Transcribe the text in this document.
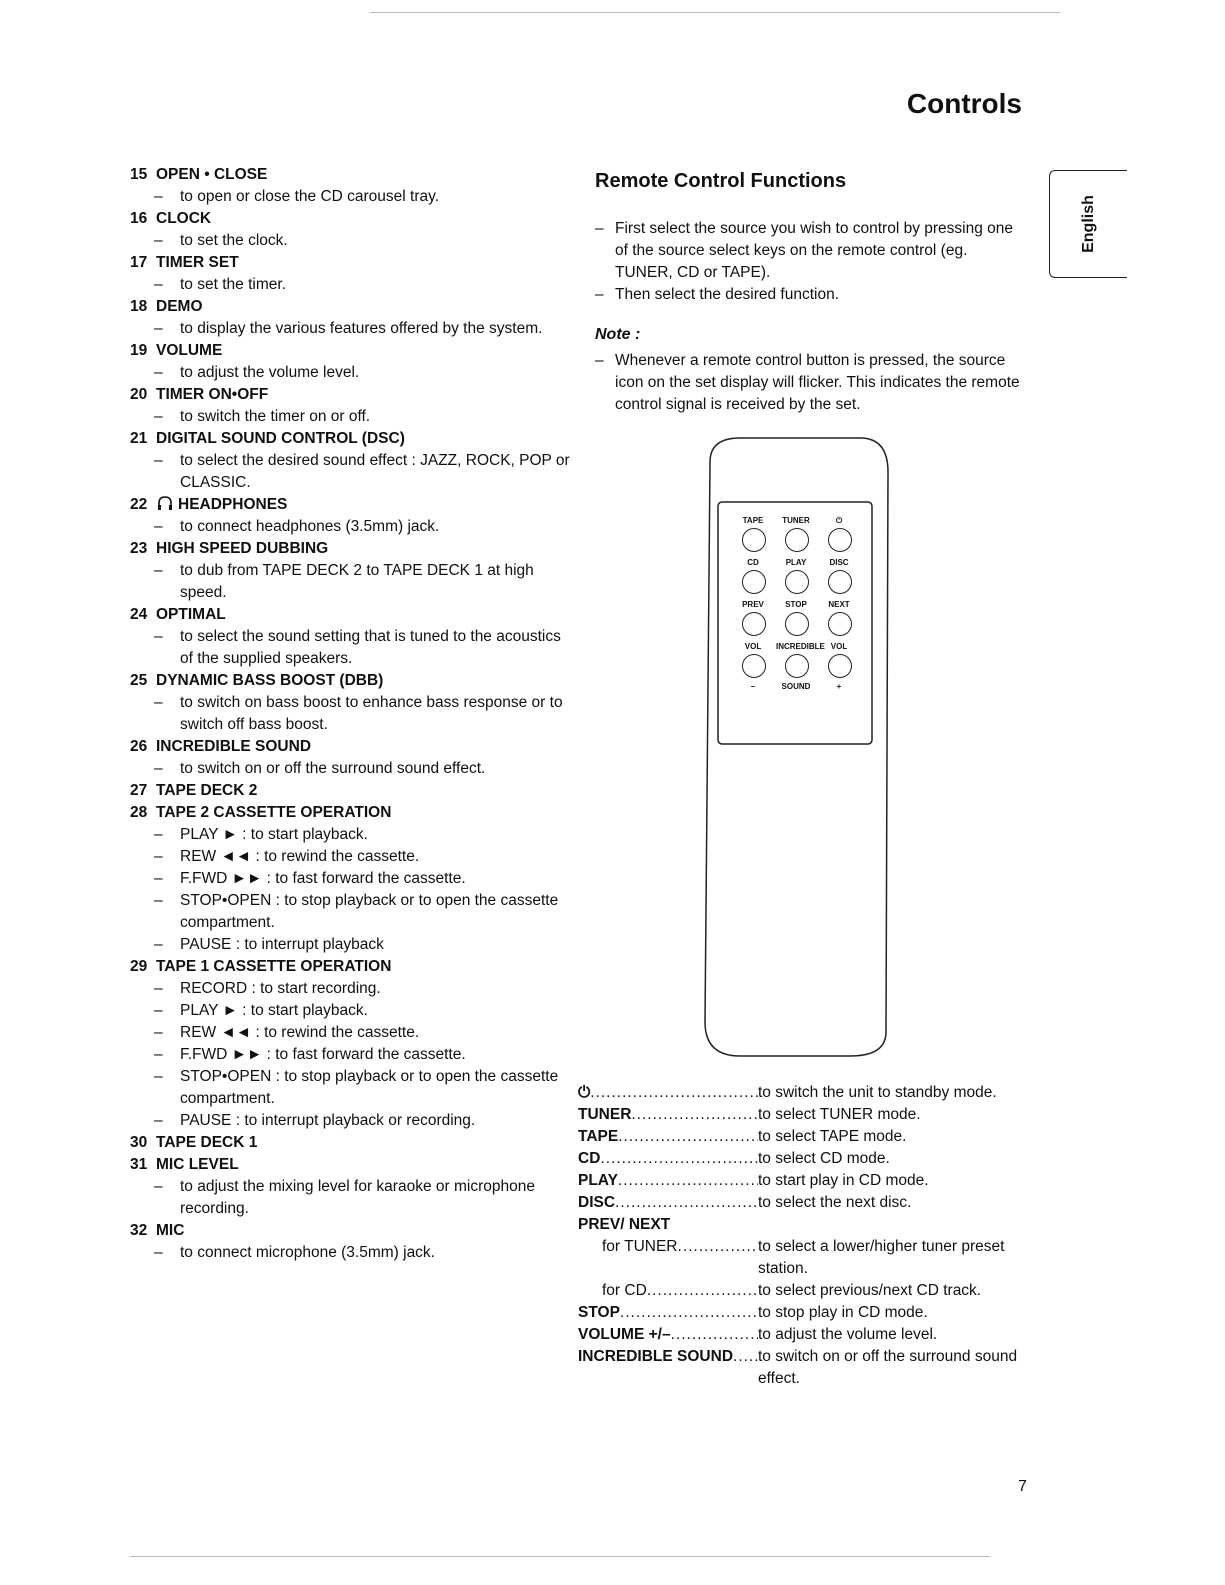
Controls
English
15 OPEN • CLOSE
– to open or close the CD carousel tray.
16 CLOCK
– to set the clock.
17 TIMER SET
– to set the timer.
18 DEMO
– to display the various features offered by the system.
19 VOLUME
– to adjust the volume level.
20 TIMER ON•OFF
– to switch the timer on or off.
21 DIGITAL SOUND CONTROL (DSC)
– to select the desired sound effect : JAZZ, ROCK, POP or CLASSIC.
22 HEADPHONES
– to connect headphones (3.5mm) jack.
23 HIGH SPEED DUBBING
– to dub from TAPE DECK 2 to TAPE DECK 1 at high speed.
24 OPTIMAL
– to select the sound setting that is tuned to the acoustics of the supplied speakers.
25 DYNAMIC BASS BOOST (DBB)
– to switch on bass boost to enhance bass response or to switch off bass boost.
26 INCREDIBLE SOUND
– to switch on or off the surround sound effect.
27 TAPE DECK 2
28 TAPE 2 CASSETTE OPERATION
– PLAY ► : to start playback.
– REW ◄◄ : to rewind the cassette.
– F.FWD ►► : to fast forward the cassette.
– STOP•OPEN : to stop playback or to open the cassette compartment.
– PAUSE : to interrupt playback
29 TAPE 1 CASSETTE OPERATION
– RECORD : to start recording.
– PLAY ► : to start playback.
– REW ◄◄ : to rewind the cassette.
– F.FWD ►► : to fast forward the cassette.
– STOP•OPEN : to stop playback or to open the cassette compartment.
– PAUSE : to interrupt playback or recording.
30 TAPE DECK 1
31 MIC LEVEL
– to adjust the mixing level for karaoke or microphone recording.
32 MIC
– to connect microphone (3.5mm) jack.
Remote Control Functions
– First select the source you wish to control by pressing one of the source select keys on the remote control (eg. TUNER, CD or TAPE).
– Then select the desired function.
Note :
– Whenever a remote control button is pressed, the source icon on the set display will flicker. This indicates the remote control signal is received by the set.
TAPE	TUNER	⏻
CD	PLAY	DISC
PREV	STOP	NEXT
VOL	INCREDIBLE VOL
–	SOUND	+
⏻ .....	to switch the unit to standby mode.
TUNER .....	to select TUNER mode.
TAPE .....	to select TAPE mode.
CD .....	to select CD mode.
PLAY .....	to start play in CD mode.
DISC .....	to select the next disc.
PREV/ NEXT
for TUNER .....	to select a lower/higher tuner preset station.
for CD .....	to select previous/next CD track.
STOP .....	to stop play in CD mode.
VOLUME +/– .....	to adjust the volume level.
INCREDIBLE SOUND ..... to switch on or off the surround sound effect.
7
